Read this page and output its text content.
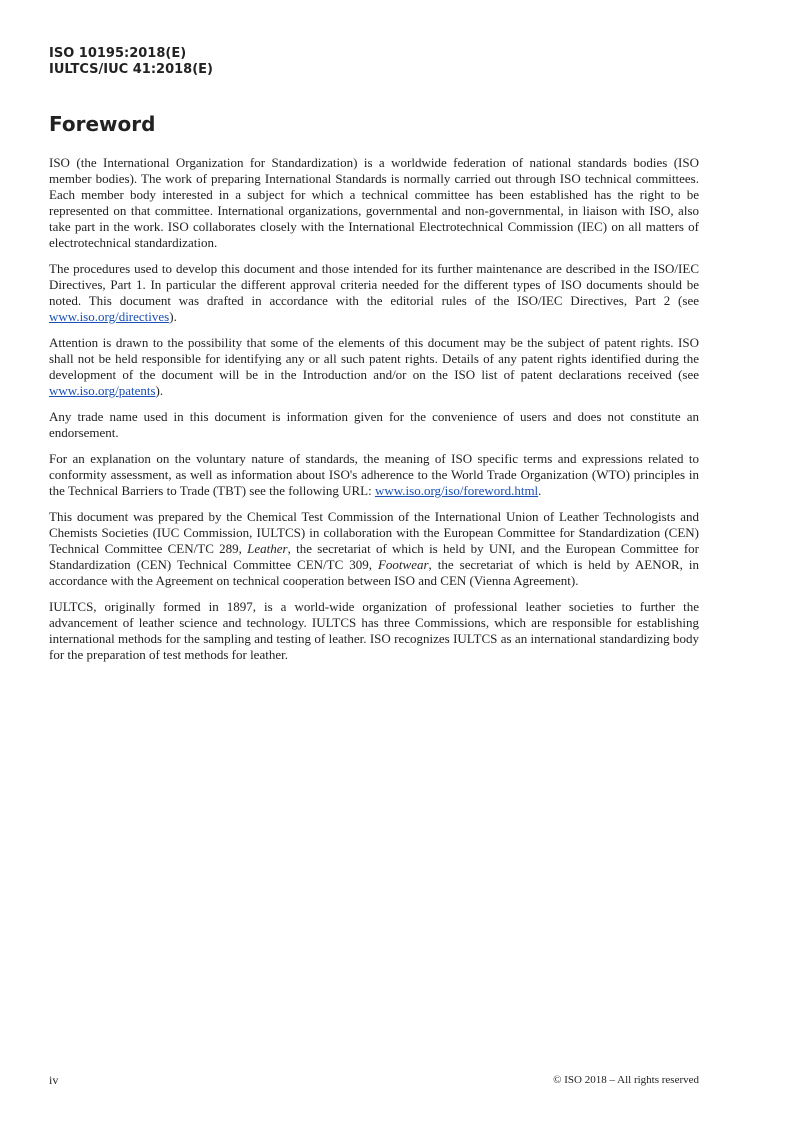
ISO 10195:2018(E)
IULTCS/IUC 41:2018(E)
Foreword

ISO (the International Organization for Standardization) is a worldwide federation of national standards bodies (ISO member bodies). The work of preparing International Standards is normally carried out through ISO technical committees. Each member body interested in a subject for which a technical committee has been established has the right to be represented on that committee. International organizations, governmental and non-governmental, in liaison with ISO, also take part in the work. ISO collaborates closely with the International Electrotechnical Commission (IEC) on all matters of electrotechnical standardization.

The procedures used to develop this document and those intended for its further maintenance are described in the ISO/IEC Directives, Part 1. In particular the different approval criteria needed for the different types of ISO documents should be noted. This document was drafted in accordance with the editorial rules of the ISO/IEC Directives, Part 2 (see www.iso.org/directives).

Attention is drawn to the possibility that some of the elements of this document may be the subject of patent rights. ISO shall not be held responsible for identifying any or all such patent rights. Details of any patent rights identified during the development of the document will be in the Introduction and/or on the ISO list of patent declarations received (see www.iso.org/patents).

Any trade name used in this document is information given for the convenience of users and does not constitute an endorsement.

For an explanation on the voluntary nature of standards, the meaning of ISO specific terms and expressions related to conformity assessment, as well as information about ISO's adherence to the World Trade Organization (WTO) principles in the Technical Barriers to Trade (TBT) see the following URL: www.iso.org/iso/foreword.html.

This document was prepared by the Chemical Test Commission of the International Union of Leather Technologists and Chemists Societies (IUC Commission, IULTCS) in collaboration with the European Committee for Standardization (CEN) Technical Committee CEN/TC 289, Leather, the secretariat of which is held by UNI, and the European Committee for Standardization (CEN) Technical Committee CEN/TC 309, Footwear, the secretariat of which is held by AENOR, in accordance with the Agreement on technical cooperation between ISO and CEN (Vienna Agreement).

IULTCS, originally formed in 1897, is a world-wide organization of professional leather societies to further the advancement of leather science and technology. IULTCS has three Commissions, which are responsible for establishing international methods for the sampling and testing of leather. ISO recognizes IULTCS as an international standardizing body for the preparation of test methods for leather.

iv	© ISO 2018 – All rights reserved
